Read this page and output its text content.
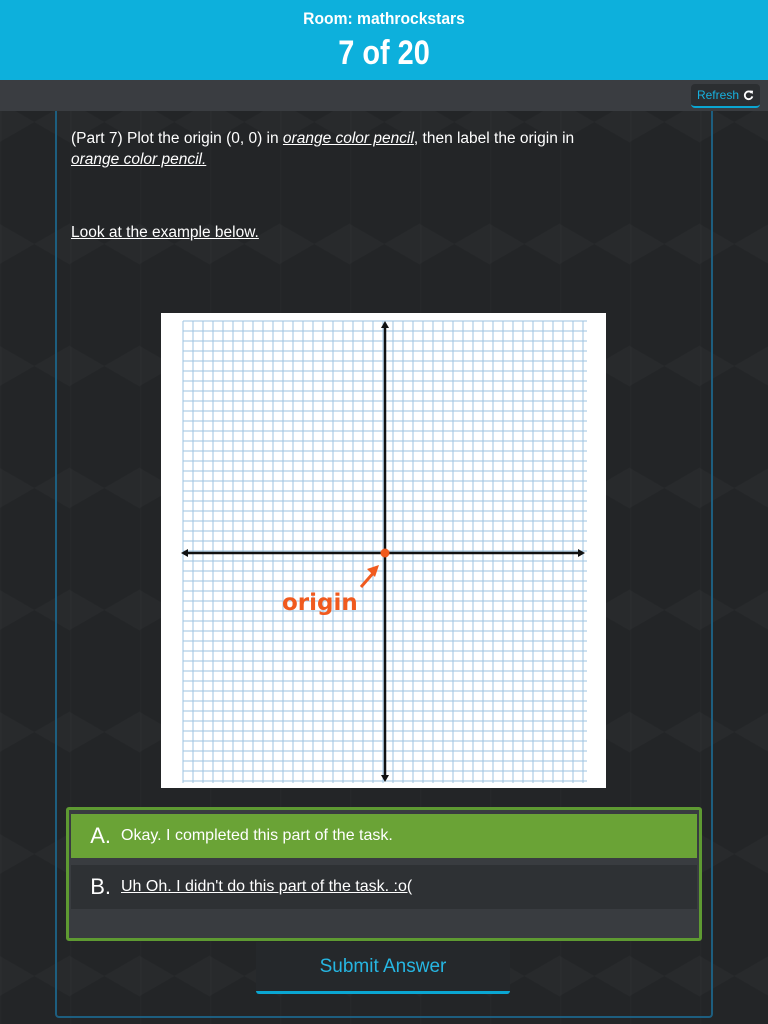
Room: mathrockstars
7 of 20
Refresh
(Part 7) Plot the origin (0, 0) in orange color pencil, then label the origin in orange color pencil.
Look at the example below.
origin
A. Okay. I completed this part of the task.
B. Uh Oh. I didn't do this part of the task. :o(
Submit Answer
